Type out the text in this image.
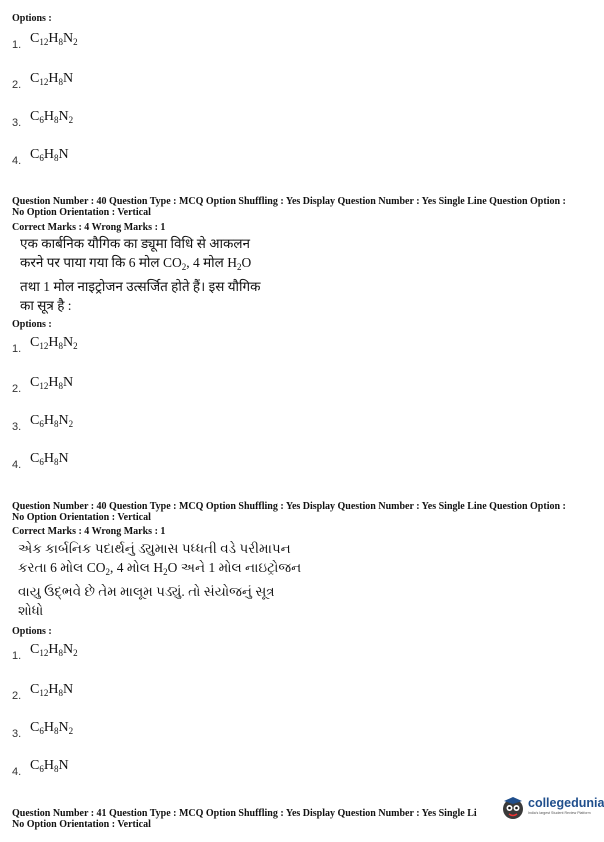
Options :
1. $C_{12}H_8N_2$
2. $C_{12}H_8N$
3. $C_6H_8N_2$
4. $C_6H_8N$
Question Number : 40 Question Type : MCQ Option Shuffling : Yes Display Question Number : Yes Single Line Question Option :
No Option Orientation : Vertical
Correct Marks : 4 Wrong Marks : 1
एक कार्बनिक यौगिक का ड्यूमा विधि से आकलन
करने पर पाया गया कि 6 मोल $CO_2$, 4 मोल $H_2O$
तथा 1 मोल नाइट्रोजन उत्सर्जित होते हैं। इस यौगिक
का सूत्र है :
Options :
1. $C_{12}H_8N_2$
2. $C_{12}H_8N$
3. $C_6H_8N_2$
4. $C_6H_8N$
Question Number : 40 Question Type : MCQ Option Shuffling : Yes Display Question Number : Yes Single Line Question Option :
No Option Orientation : Vertical
Correct Marks : 4 Wrong Marks : 1
એક કાર્બનિક પદાર્થનું ડ્યુમાસ પધ્ધતી વડે પરીમાપન
કરતા 6 મોલ $CO_2$, 4 મોલ $H_2O$ અને 1 મોલ નાઇટ્રોજન
વાયુ ઉદ્ભવે છે તેમ માલૂમ પડ્યું. તો સંયોજનું સૂત્ર
શોધો
Options :
1. $C_{12}H_8N_2$
2. $C_{12}H_8N$
3. $C_6H_8N_2$
4. $C_6H_8N$
Question Number : 41 Question Type : MCQ Option Shuffling : Yes Display Question Number : Yes Single Li
No Option Orientation : Vertical
collegedunia
India's largest Student Review Platform
